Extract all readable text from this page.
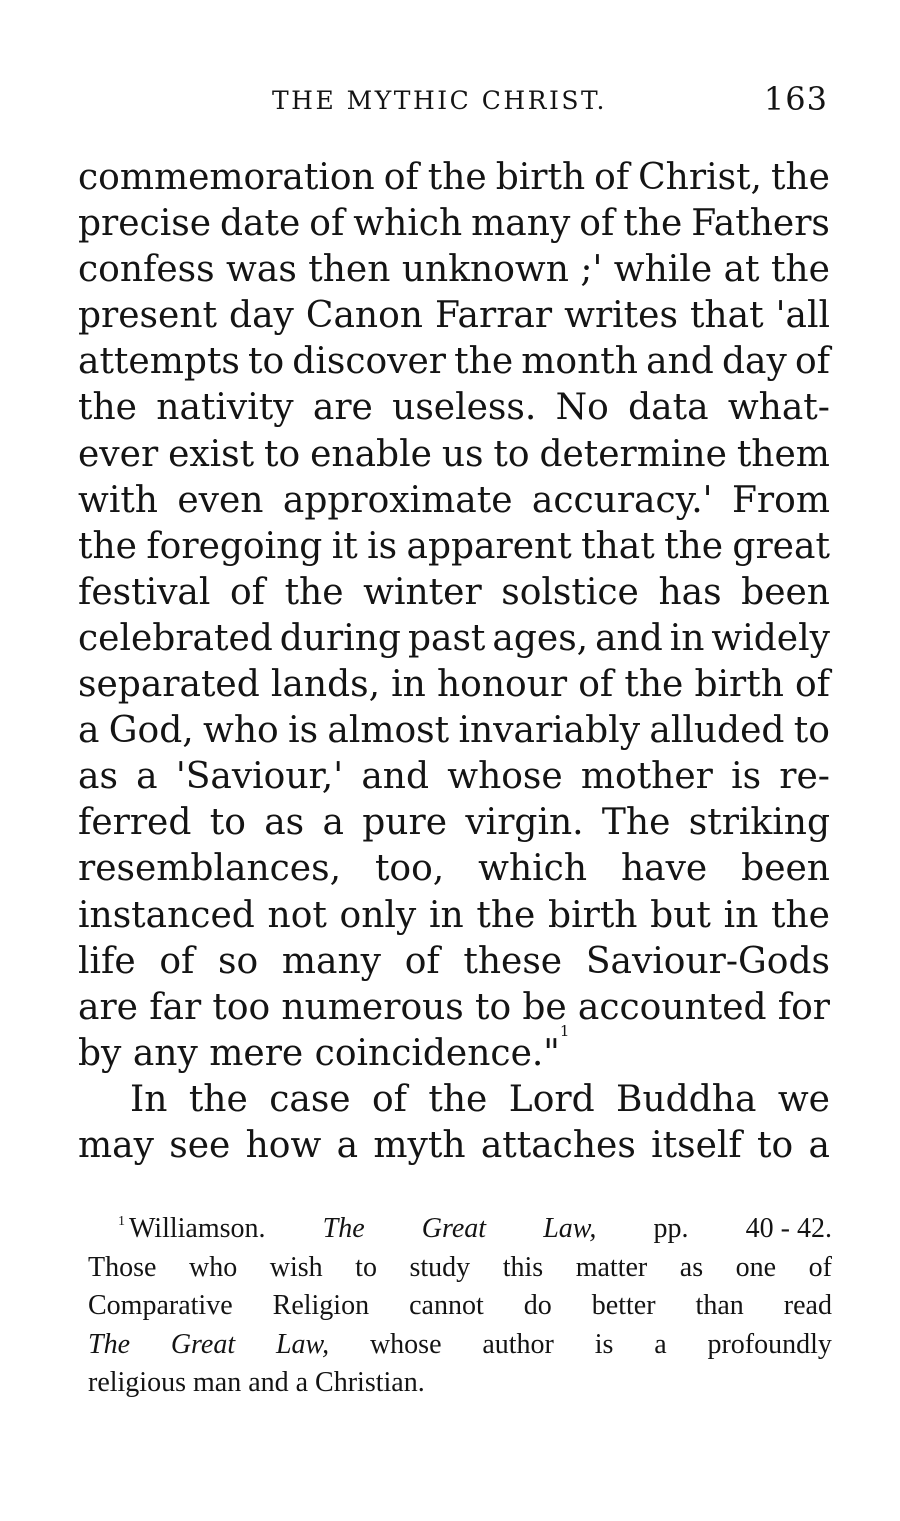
THE MYTHIC CHRIST.	163
commemoration of the birth of Christ, the
precise date of which many of the Fathers
confess was then unknown ;' while at the
present day Canon Farrar writes that 'all
attempts to discover the month and day of
the nativity are useless. No data what-
ever exist to enable us to determine them
with even approximate accuracy.' From
the foregoing it is apparent that the great
festival of the winter solstice has been
celebrated during past ages, and in widely
separated lands, in honour of the birth of
a God, who is almost invariably alluded to
as a 'Saviour,' and whose mother is re-
ferred to as a pure virgin. The striking
resemblances, too, which have been
instanced not only in the birth but in the
life of so many of these Saviour-Gods
are far too numerous to be accounted for
by any mere coincidence."
1
In the case of the Lord Buddha we
may see how a myth attaches itself to a
$^1$ Williamson. The Great Law, pp. 40 - 42.
Those who wish to study this matter as one of
Comparative Religion cannot do better than read
The Great Law, whose author is a profoundly
religious man and a Christian.
